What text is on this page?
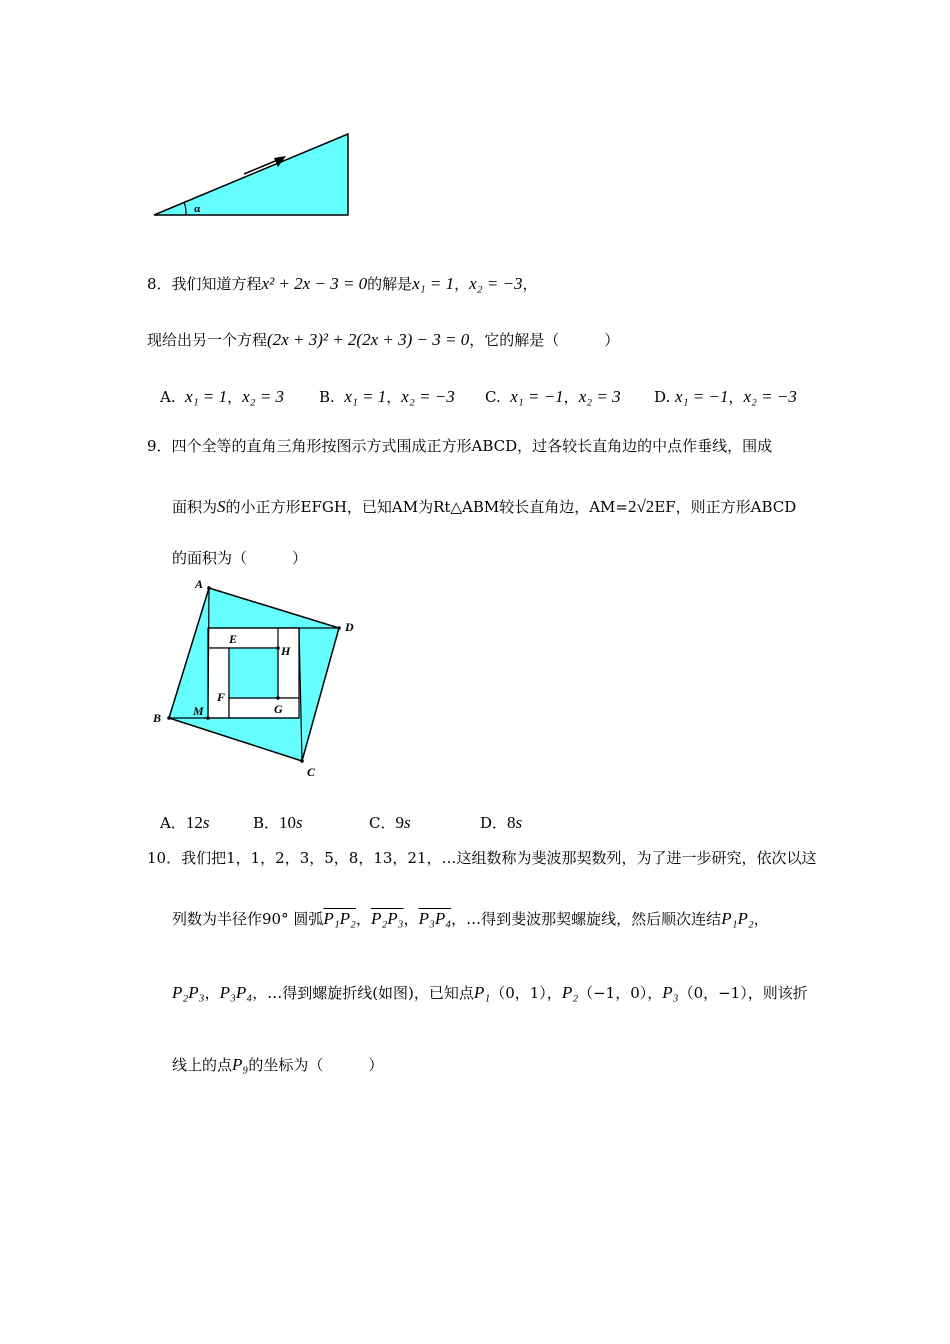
α
8．我们知道方程x² + 2x − 3 = 0的解是x₁ = 1，x₂ = −3，
现给出另一个方程(2x + 3)² + 2(2x + 3) − 3 = 0，它的解是（　　　）
A. x₁ = 1，x₂ = 3 B. x₁ = 1，x₂ = −3 C. x₁ = −1，x₂ = 3 D. x₁ = −1，x₂ = −3
9．四个全等的直角三角形按图示方式围成正方形ABCD，过各较长直角边的中点作垂线，围成
面积为S的小正方形EFGH，已知AM为Rt△ABM较长直角边，AM=2√2EF，则正方形ABCD
的面积为（　　　）
A
B
C
D
E
F
G
H
M
A．12s	B．10s	C．9s	D．8s
10．我们把1，1，2，3，5，8，13，21，…这组数称为斐波那契数列，为了进一步研究，依次以这
列数为半径作90° 圆弧P₁P₂，P₂P₃，P₃P₄，…得到斐波那契螺旋线，然后顺次连结P₁P₂，
P₂P₃，P₃P₄，…得到螺旋折线(如图)，已知点P₁（0，1），P₂（−1，0），P₃（0，−1），则该折
线上的点P₉的坐标为（　　　）
